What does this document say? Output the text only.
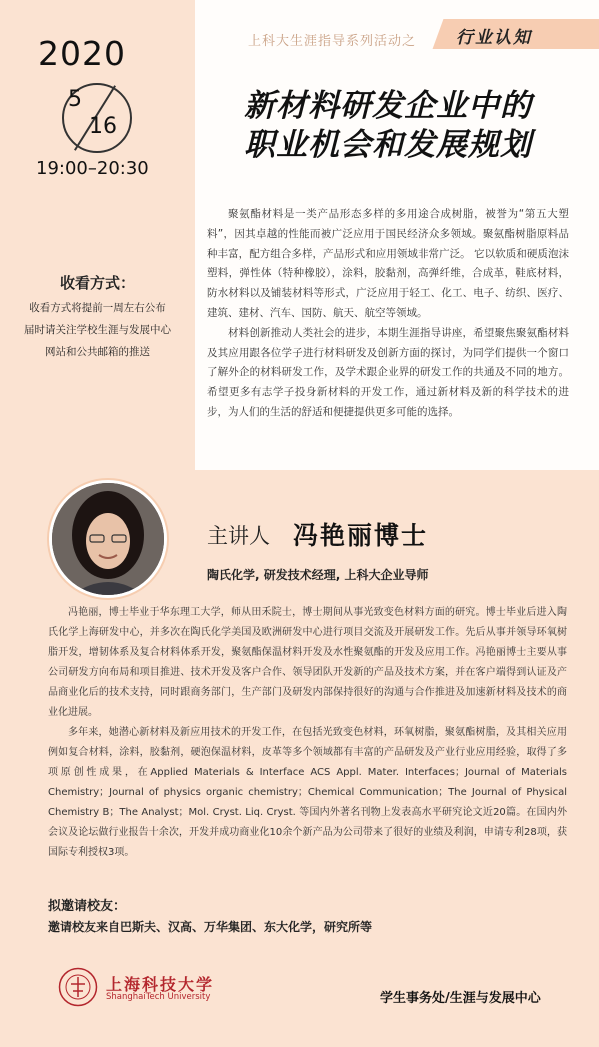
2020
5
16
19:00–20:30
上科大生涯指导系列活动之 行业认知
新材料研发企业中的
职业机会和发展规划
收看方式：
收看方式将提前一周左右公布
届时请关注学校生涯与发展中心
网站和公共邮箱的推送

聚氨酯材料是一类产品形态多样的多用途合成树脂，被誉为“第五大塑料”，因其卓越的性能而被广泛应用于国民经济众多领域。聚氨酯树脂原料品种丰富，配方组合多样，产品形式和应用领域非常广泛。 它以软质和硬质泡沫塑料，弹性体（特种橡胶），涂料，胶黏剂，高弹纤维，合成革，鞋底材料，防水材料以及铺装材料等形式，广泛应用于轻工、化工、电子、纺织、医疗、建筑、建材、汽车、国防、航天、航空等领域。

材料创新推动人类社会的进步，本期生涯指导讲座，希望聚焦聚氨酯材料及其应用跟各位学子进行材料研发及创新方面的探讨，为同学们提供一个窗口了解外企的材料研发工作，及学术跟企业界的研发工作的共通及不同的地方。希望更多有志学子投身新材料的开发工作，通过新材料及新的科学技术的进步，为人们的生活的舒适和便捷提供更多可能的选择。

主讲人 冯艳丽博士
陶氏化学, 研发技术经理, 上科大企业导师

冯艳丽，博士毕业于华东理工大学，师从田禾院士，博士期间从事光致变色材料方面的研究。博士毕业后进入陶氏化学上海研发中心，并多次在陶氏化学美国及欧洲研发中心进行项目交流及开展研发工作。先后从事并领导环氧树脂开发，增韧体系及复合材料体系开发，聚氨酯保温材料开发及水性聚氨酯的开发及应用工作。冯艳丽博士主要从事公司研发方向布局和项目推进、技术开发及客户合作、领导团队开发新的产品及技术方案，并在客户端得到认证及产品商业化后的技术支持，同时跟商务部门，生产部门及研发内部保持很好的沟通与合作推进及加速新材料及技术的商业化进展。

多年来，她潜心新材料及新应用技术的开发工作，在包括光致变色材料，环氧树脂，聚氨酯树脂，及其相关应用例如复合材料，涂料，胶黏剂，硬泡保温材料，皮革等多个领域都有丰富的产品研发及产业行业应用经验，取得了多项原创性成果，在Applied Materials & Interface ACS Appl. Mater. Interfaces；Journal of Materials Chemistry；Journal of physics organic chemistry；Chemical Communication；The Journal of Physical Chemistry B；The Analyst；Mol. Cryst. Liq. Cryst. 等国内外著名刊物上发表高水平研究论文近20篇。在国内外会议及论坛做行业报告十余次，开发并成功商业化10余个新产品为公司带来了很好的业绩及利润，申请专利28项，获国际专利授权3项。

拟邀请校友：
邀请校友来自巴斯夫、汉高、万华集团、东大化学，研究所等
上海科技大学
ShanghaiTech University	学生事务处/生涯与发展中心
